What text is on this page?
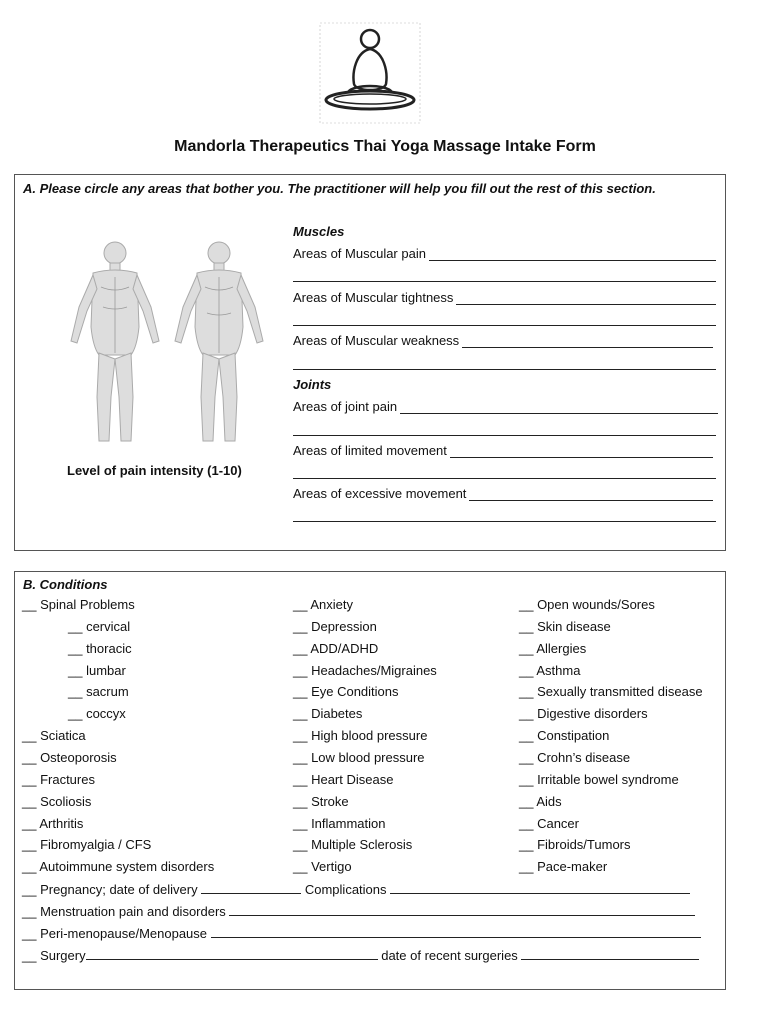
Mandorla Therapeutics Thai Yoga Massage Intake Form
A. Please circle any areas that bother you. The practitioner will help you fill out the rest of this section.
Level of pain intensity (1-10)
Muscles
Areas of Muscular pain
Areas of Muscular tightness
Areas of Muscular weakness
Joints
Areas of joint pain
Areas of limited movement
Areas of excessive movement
B. Conditions
__ Spinal Problems
__ cervical
__ thoracic
__ lumbar
__ sacrum
__ coccyx
__ Sciatica
__ Osteoporosis
__ Fractures
__ Scoliosis
__ Arthritis
__ Fibromyalgia / CFS
__ Autoimmune system disorders
__ Anxiety
__ Depression
__ ADD/ADHD
__ Headaches/Migraines
__ Eye Conditions
__ Diabetes
__ High blood pressure
__ Low blood pressure
__ Heart Disease
__ Stroke
__ Inflammation
__ Multiple Sclerosis
__ Vertigo
__ Open wounds/Sores
__ Skin disease
__ Allergies
__ Asthma
__ Sexually transmitted disease
__ Digestive disorders
__ Constipation
__ Crohn’s disease
__ Irritable bowel syndrome
__ Aids
__ Cancer
__ Fibroids/Tumors
__ Pace-maker
__ Pregnancy; date of delivery	Complications
__ Menstruation pain and disorders
__ Peri-menopause/Menopause
__ Surgery	date of recent surgeries
